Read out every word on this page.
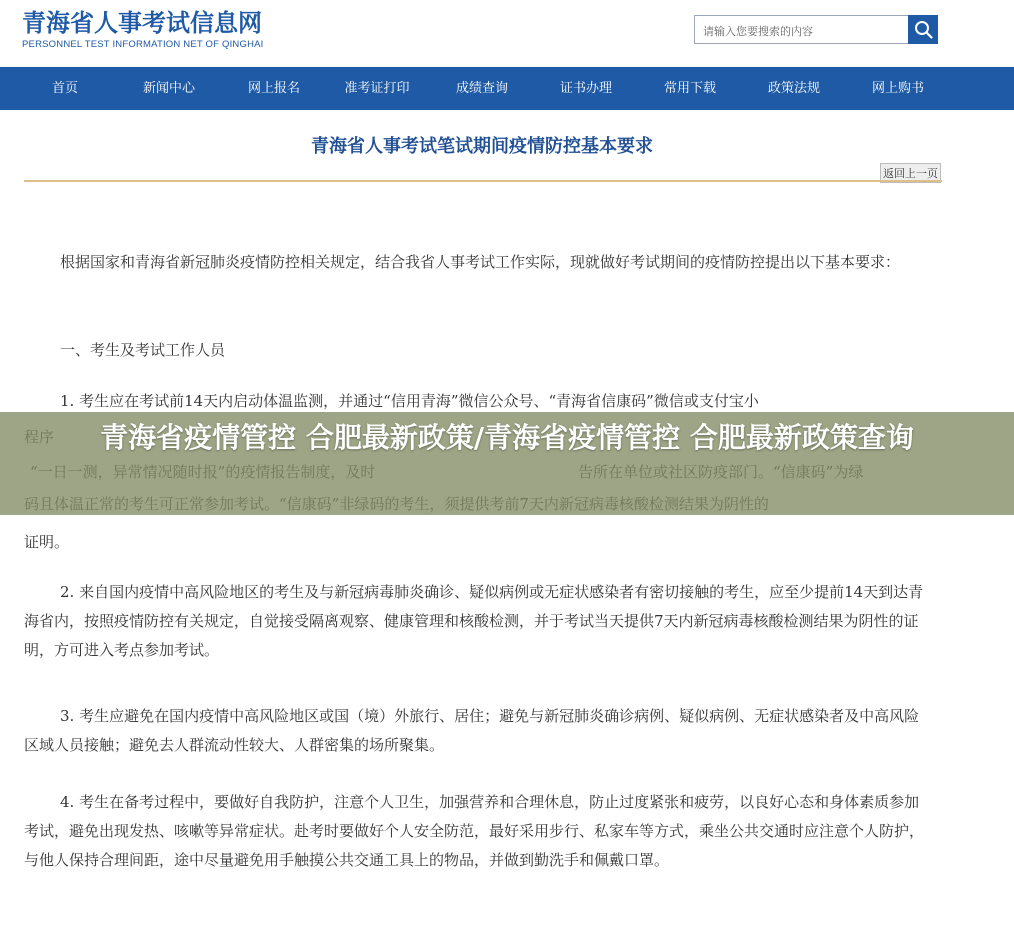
青海省人事考试信息网
PERSONNEL TEST INFORMATION NET OF QINGHAI
请输入您要搜索的内容
首页	新闻中心	网上报名	准考证打印	成绩查询	证书办理	常用下载	政策法规	网上购书
青海省人事考试笔试期间疫情防控基本要求
返回上一页
根据国家和青海省新冠肺炎疫情防控相关规定，结合我省人事考试工作实际，现就做好考试期间的疫情防控提出以下基本要求：
一、考生及考试工作人员
1. 考生应在考试前14天内启动体温监测，并通过“信用青海”微信公众号、“青海省信康码”微信或支付宝小
证明。
2. 来自国内疫情中高风险地区的考生及与新冠病毒肺炎确诊、疑似病例或无症状感染者有密切接触的考生，应至少提前14天到达青海省内，按照疫情防控有关规定，自觉接受隔离观察、健康管理和核酸检测，并于考试当天提供7天内新冠病毒核酸检测结果为阴性的证明，方可进入考点参加考试。
3. 考生应避免在国内疫情中高风险地区或国（境）外旅行、居住；避免与新冠肺炎确诊病例、疑似病例、无症状感染者及中高风险区域人员接触；避免去人群流动性较大、人群密集的场所聚集。
4. 考生在备考过程中，要做好自我防护，注意个人卫生，加强营养和合理休息，防止过度紧张和疲劳，以良好心态和身体素质参加考试，避免出现发热、咳嗽等异常症状。赴考时要做好个人安全防范，最好采用步行、私家车等方式，乘坐公共交通时应注意个人防护，与他人保持合理间距，途中尽量避免用手触摸公共交通工具上的物品，并做到勤洗手和佩戴口罩。
青海省疫情管控 合肥最新政策/青海省疫情管控 合肥最新政策查询
